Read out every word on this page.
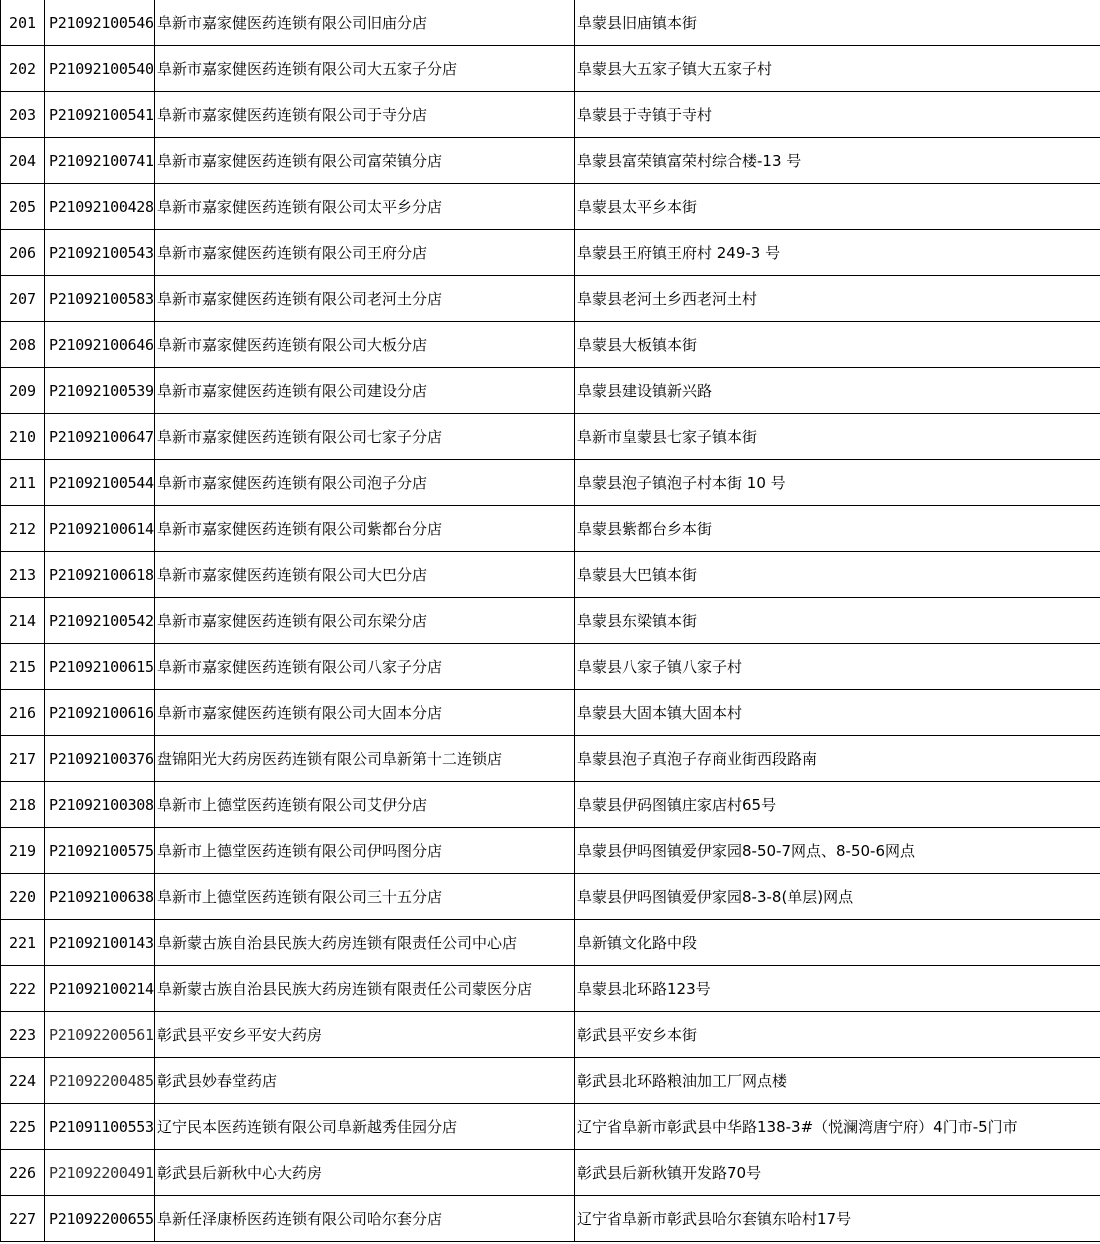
201	P21092100546	阜新市嘉家健医药连锁有限公司旧庙分店	阜蒙县旧庙镇本街
202	P21092100540	阜新市嘉家健医药连锁有限公司大五家子分店	阜蒙县大五家子镇大五家子村
203	P21092100541	阜新市嘉家健医药连锁有限公司于寺分店	阜蒙县于寺镇于寺村
204	P21092100741	阜新市嘉家健医药连锁有限公司富荣镇分店	阜蒙县富荣镇富荣村综合楼-13 号
205	P21092100428	阜新市嘉家健医药连锁有限公司太平乡分店	阜蒙县太平乡本街
206	P21092100543	阜新市嘉家健医药连锁有限公司王府分店	阜蒙县王府镇王府村 249-3 号
207	P21092100583	阜新市嘉家健医药连锁有限公司老河土分店	阜蒙县老河土乡西老河土村
208	P21092100646	阜新市嘉家健医药连锁有限公司大板分店	阜蒙县大板镇本街
209	P21092100539	阜新市嘉家健医药连锁有限公司建设分店	阜蒙县建设镇新兴路
210	P21092100647	阜新市嘉家健医药连锁有限公司七家子分店	阜新市皇蒙县七家子镇本街
211	P21092100544	阜新市嘉家健医药连锁有限公司泡子分店	阜蒙县泡子镇泡子村本街 10 号
212	P21092100614	阜新市嘉家健医药连锁有限公司紫都台分店	阜蒙县紫都台乡本街
213	P21092100618	阜新市嘉家健医药连锁有限公司大巴分店	阜蒙县大巴镇本街
214	P21092100542	阜新市嘉家健医药连锁有限公司东梁分店	阜蒙县东梁镇本街
215	P21092100615	阜新市嘉家健医药连锁有限公司八家子分店	阜蒙县八家子镇八家子村
216	P21092100616	阜新市嘉家健医药连锁有限公司大固本分店	阜蒙县大固本镇大固本村
217	P21092100376	盘锦阳光大药房医药连锁有限公司阜新第十二连锁店	阜蒙县泡子真泡子存商业街西段路南
218	P21092100308	阜新市上德堂医药连锁有限公司艾伊分店	阜蒙县伊码图镇庄家店村65号
219	P21092100575	阜新市上德堂医药连锁有限公司伊吗图分店	阜蒙县伊吗图镇爱伊家园8-50-7网点、8-50-6网点
220	P21092100638	阜新市上德堂医药连锁有限公司三十五分店	阜蒙县伊吗图镇爱伊家园8-3-8(单层)网点
221	P21092100143	阜新蒙古族自治县民族大药房连锁有限责任公司中心店	阜新镇文化路中段
222	P21092100214	阜新蒙古族自治县民族大药房连锁有限责任公司蒙医分店	阜蒙县北环路123号
223	P21092200561	彰武县平安乡平安大药房	彰武县平安乡本街
224	P21092200485	彰武县妙春堂药店	彰武县北环路粮油加工厂网点楼
225	P21091100553	辽宁民本医药连锁有限公司阜新越秀佳园分店	辽宁省阜新市彰武县中华路138-3#（悦澜湾唐宁府）4门市-5门市
226	P21092200491	彰武县后新秋中心大药房	彰武县后新秋镇开发路70号
227	P21092200655	阜新任泽康桥医药连锁有限公司哈尔套分店	辽宁省阜新市彰武县哈尔套镇东哈村17号
